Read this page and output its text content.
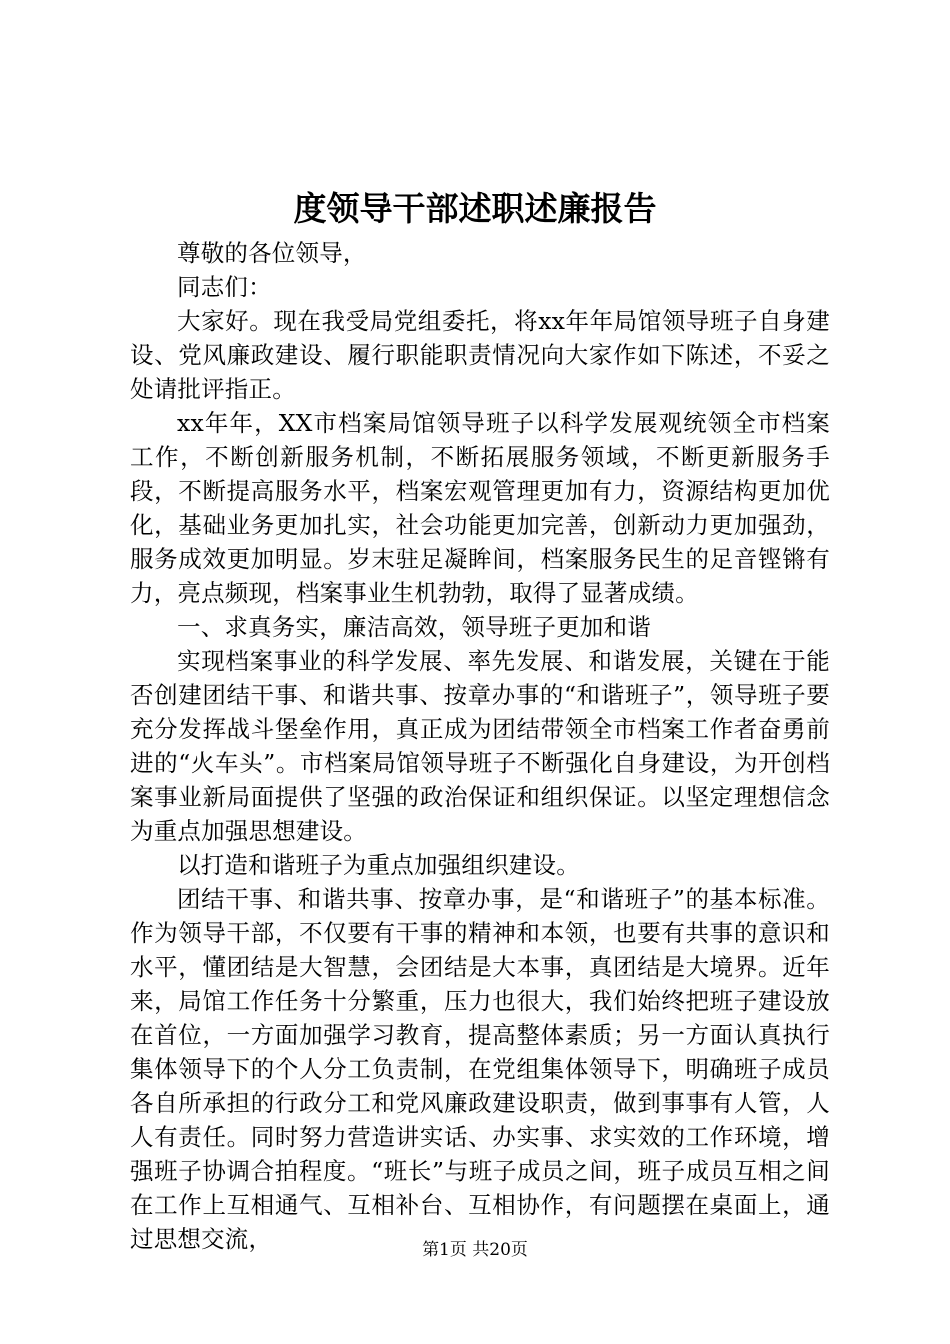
度领导干部述职述廉报告

尊敬的各位领导，

同志们：

大家好。现在我受局党组委托，将xx年年局馆领导班子自身建设、党风廉政建设、履行职能职责情况向大家作如下陈述，不妥之处请批评指正。

xx年年，XX市档案局馆领导班子以科学发展观统领全市档案工作，不断创新服务机制，不断拓展服务领域，不断更新服务手段，不断提高服务水平，档案宏观管理更加有力，资源结构更加优化，基础业务更加扎实，社会功能更加完善，创新动力更加强劲，服务成效更加明显。岁末驻足凝眸间，档案服务民生的足音铿锵有力，亮点频现，档案事业生机勃勃，取得了显著成绩。

一、求真务实，廉洁高效，领导班子更加和谐

实现档案事业的科学发展、率先发展、和谐发展，关键在于能否创建团结干事、和谐共事、按章办事的“和谐班子”，领导班子要充分发挥战斗堡垒作用，真正成为团结带领全市档案工作者奋勇前进的“火车头”。市档案局馆领导班子不断强化自身建设，为开创档案事业新局面提供了坚强的政治保证和组织保证。以坚定理想信念为重点加强思想建设。

以打造和谐班子为重点加强组织建设。

团结干事、和谐共事、按章办事，是“和谐班子”的基本标准。作为领导干部，不仅要有干事的精神和本领，也要有共事的意识和水平，懂团结是大智慧，会团结是大本事，真团结是大境界。近年来，局馆工作任务十分繁重，压力也很大，我们始终把班子建设放在首位，一方面加强学习教育，提高整体素质；另一方面认真执行集体领导下的个人分工负责制，在党组集体领导下，明确班子成员各自所承担的行政分工和党风廉政建设职责，做到事事有人管，人人有责任。同时努力营造讲实话、办实事、求实效的工作环境，增强班子协调合拍程度。“班长”与班子成员之间，班子成员互相之间在工作上互相通气、互相补台、互相协作，有问题摆在桌面上，通过思想交流，	第1页 共20页
